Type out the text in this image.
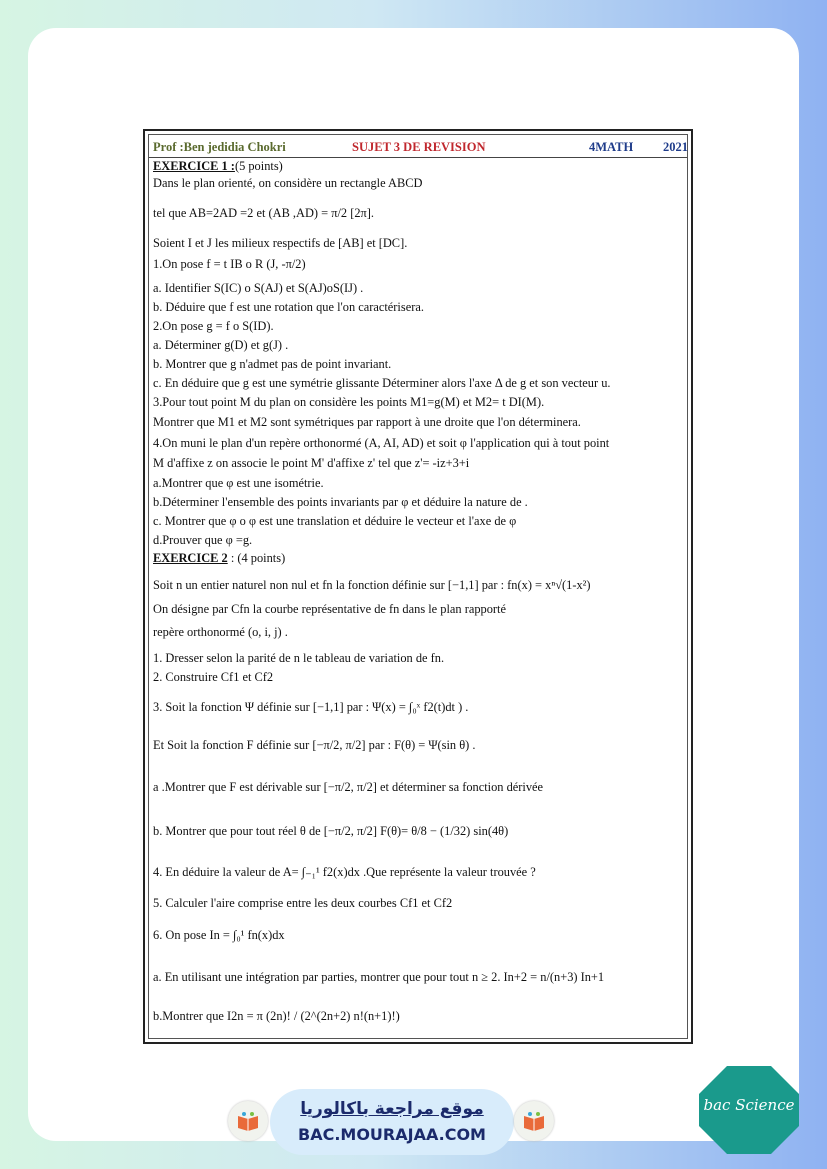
Prof :Ben jedidia Chokri	SUJET 3 DE REVISION	4MATH 2021
EXERCICE 1 :(5 points)
Dans le plan orienté, on considère un rectangle ABCD
tel que AB=2AD =2 et (AB ,AD) = π/2 [2π].
Soient I et J les milieux respectifs de [AB] et [DC].
1.On pose f = t IB o R (J, -π/2)
a. Identifier S(IC) o S(AJ) et S(AJ)oS(IJ) .
b. Déduire que f est une rotation que l'on caractérisera.
2.On pose g = f o S(ID).
a. Déterminer g(D) et g(J) .
b. Montrer que g n'admet pas de point invariant.
c. En déduire que g est une symétrie glissante Déterminer alors l'axe Δ de g et son vecteur u.
3.Pour tout point M du plan on considère les points M1=g(M) et M2= t DI(M).
Montrer que M1 et M2 sont symétriques par rapport à une droite que l'on déterminera.
4.On muni le plan d'un repère orthonormé (A, AI, AD) et soit φ l'application qui à tout point
M d'affixe z on associe le point M' d'affixe z' tel que z'= -iz+3+i
a.Montrer que φ est une isométrie.
b.Déterminer l'ensemble des points invariants par φ et déduire la nature de .
c. Montrer que φ o φ est une translation et déduire le vecteur et l'axe de φ
d.Prouver que φ =g.
EXERCICE 2 : (4 points)
Soit n un entier naturel non nul et fn la fonction définie sur [−1,1] par : fn(x) = xⁿ√(1-x²)
On désigne par Cfn la courbe représentative de fn dans le plan rapporté
repère orthonormé (o, i, j) .
1. Dresser selon la parité de n le tableau de variation de fn.
2. Construire Cf1 et Cf2
3. Soit la fonction Ψ définie sur [−1,1] par : Ψ(x) = ∫₀ˣ f2(t)dt ) .
Et Soit la fonction F définie sur [−π/2, π/2] par : F(θ) = Ψ(sin θ) .
a .Montrer que F est dérivable sur [−π/2, π/2] et déterminer sa fonction dérivée
b. Montrer que pour tout réel θ de [−π/2, π/2] F(θ)= θ/8 − (1/32) sin(4θ)
4. En déduire la valeur de A= ∫₋₁¹ f2(x)dx .Que représente la valeur trouvée ?
5. Calculer l'aire comprise entre les deux courbes Cf1 et Cf2
6. On pose In = ∫₀¹ fn(x)dx
a. En utilisant une intégration par parties, montrer que pour tout n ≥ 2. In+2 = n/(n+3) In+1
b.Montrer que I2n = π (2n)! / (2^(2n+2) n!(n+1)!)
موقع مراجعة باكالوريا
BAC.MOURAJAA.COM
bac Science
